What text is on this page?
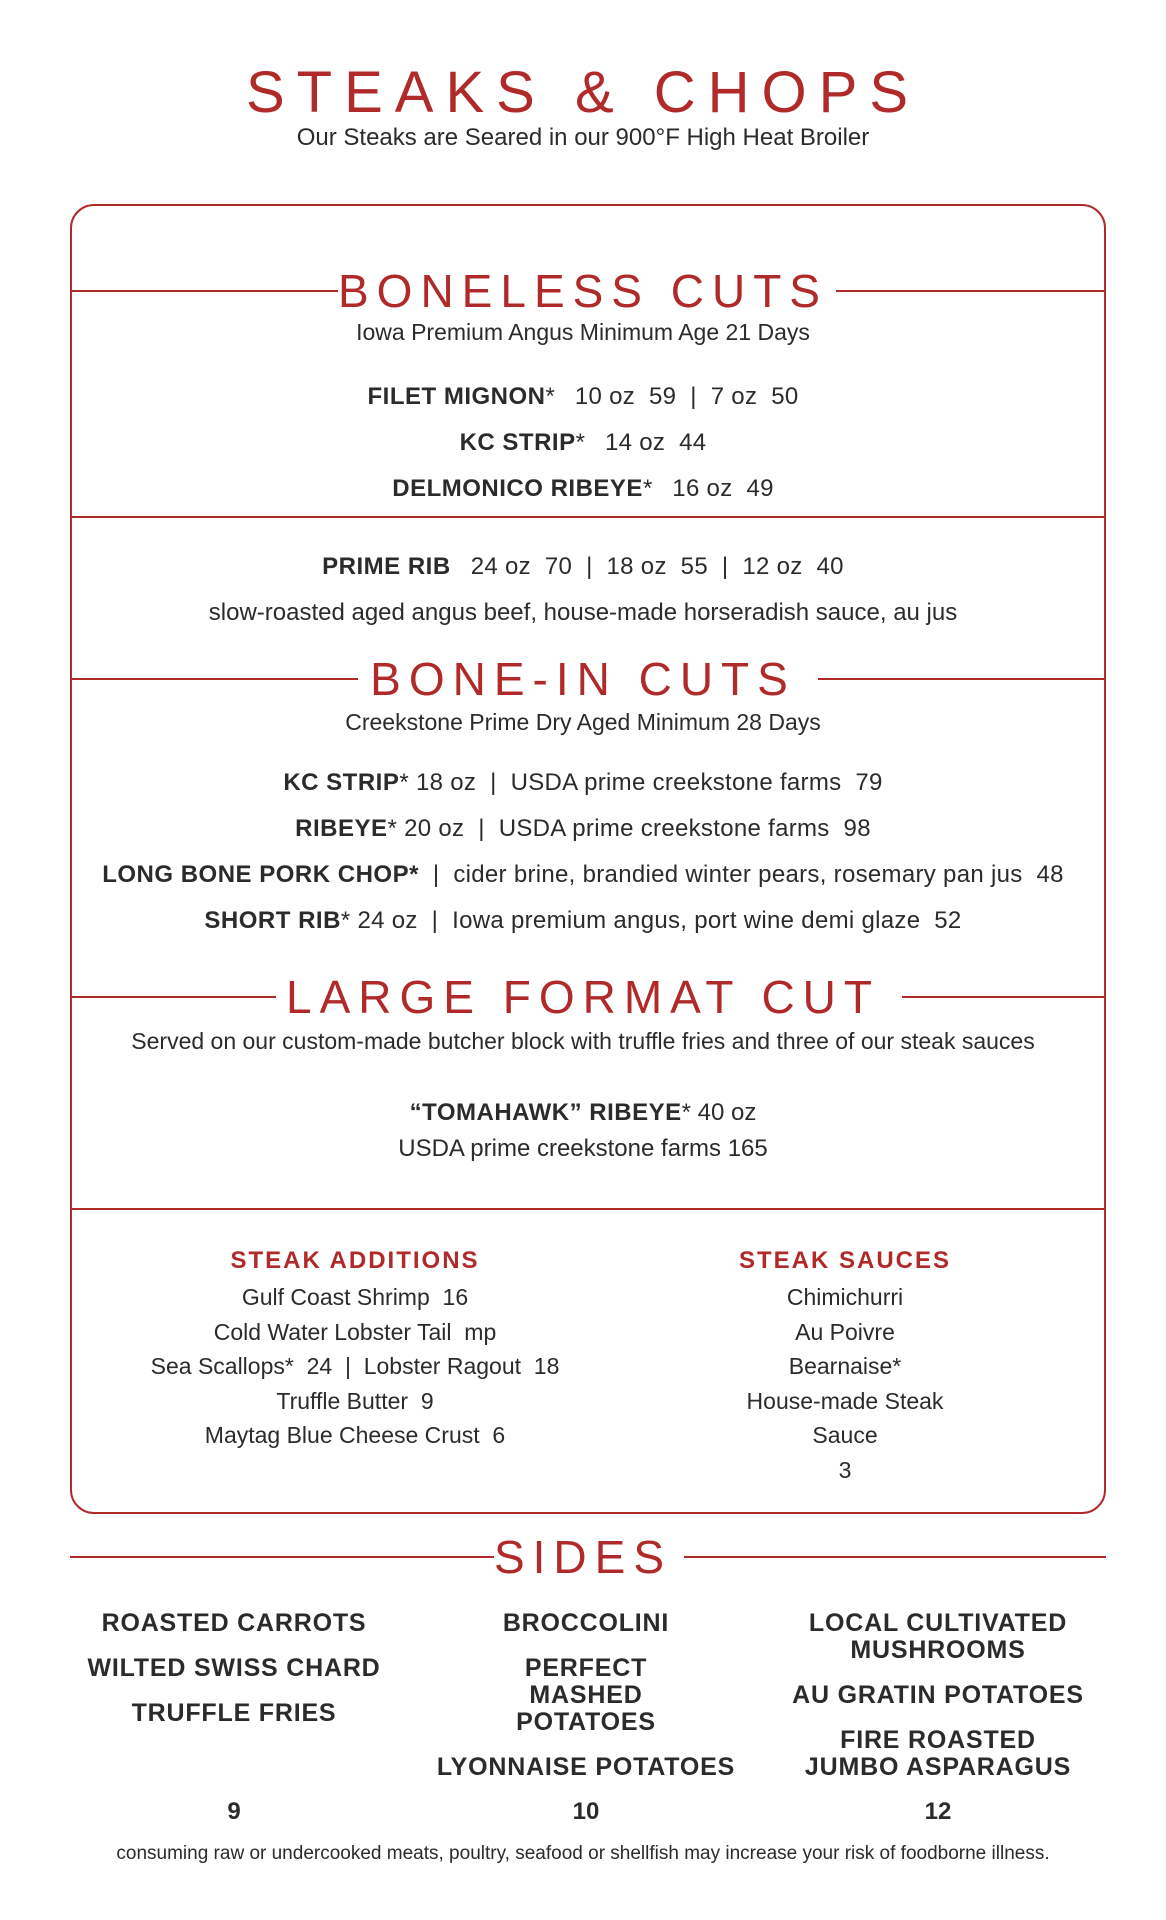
STEAKS & CHOPS
Our Steaks are Seared in our 900°F High Heat Broiler
BONELESS CUTS
Iowa Premium Angus Minimum Age 21 Days
FILET MIGNON* 10 oz  59  |  7 oz  50
KC STRIP* 14 oz  44
DELMONICO RIBEYE* 16 oz  49
PRIME RIB 24 oz  70  |  18 oz  55  |  12 oz  40
slow-roasted aged angus beef, house-made horseradish sauce, au jus
BONE-IN CUTS
Creekstone Prime Dry Aged Minimum 28 Days
KC STRIP* 18 oz  |  USDA prime creekstone farms  79
RIBEYE* 20 oz  |  USDA prime creekstone farms  98
LONG BONE PORK CHOP*  |  cider brine, brandied winter pears, rosemary pan jus  48
SHORT RIB* 24 oz  |  Iowa premium angus, port wine demi glaze  52
LARGE FORMAT CUT
Served on our custom-made butcher block with truffle fries and three of our steak sauces
“TOMAHAWK” RIBEYE* 40 oz
USDA prime creekstone farms 165
STEAK ADDITIONS
Gulf Coast Shrimp  16
Cold Water Lobster Tail  mp
Sea Scallops*  24  |  Lobster Ragout  18
Truffle Butter  9
Maytag Blue Cheese Crust  6
STEAK SAUCES
Chimichurri
Au Poivre
Bearnaise*
House-made Steak
Sauce
3
SIDES
ROASTED CARROTS
WILTED SWISS CHARD
TRUFFLE FRIES
BROCCOLINI
PERFECT MASHED POTATOES
LYONNAISE POTATOES
LOCAL CULTIVATED MUSHROOMS
AU GRATIN POTATOES
FIRE ROASTED JUMBO ASPARAGUS
9	10	12
consuming raw or undercooked meats, poultry, seafood or shellfish may increase your risk of foodborne illness.
